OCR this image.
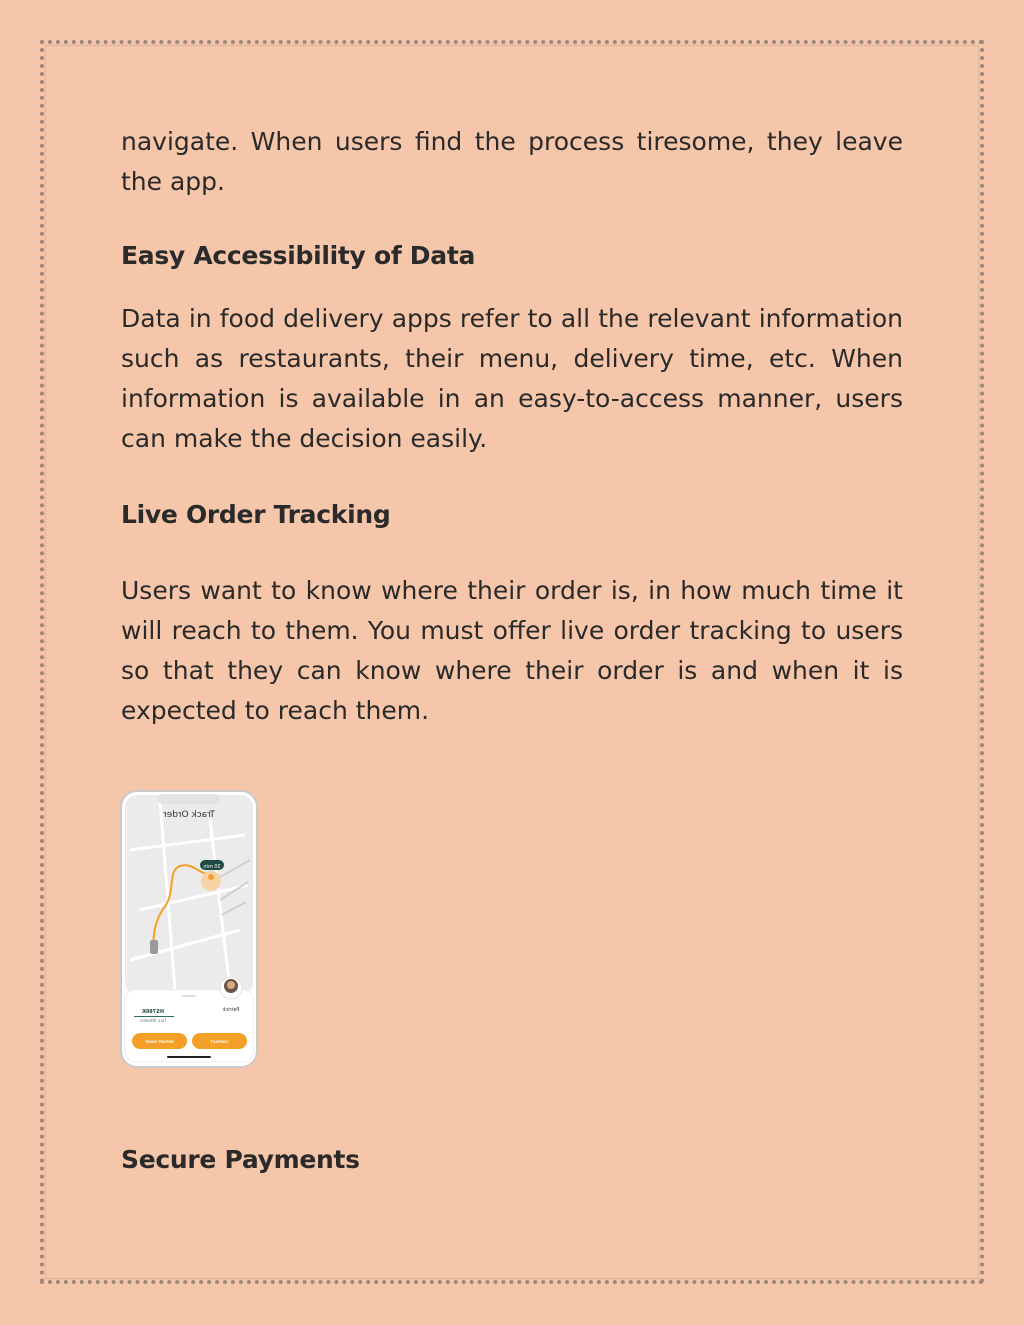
navigate. When users find the process tiresome, they leave the app.

Easy Accessibility of Data

Data in food delivery apps refer to all the relevant information such as restaurants, their menu, delivery time, etc. When information is available in an easy-to-access manner, users can make the decision easily.

Live Order Tracking

Users want to know where their order is, in how much time it will reach to them. You must offer live order tracking to users so that they can know where their order is and when it is expected to reach them.

Track Order
30 min
Patrick
HS786K
Four Wheeler
REPORT ISSUE	CONTACT
Secure Payments
